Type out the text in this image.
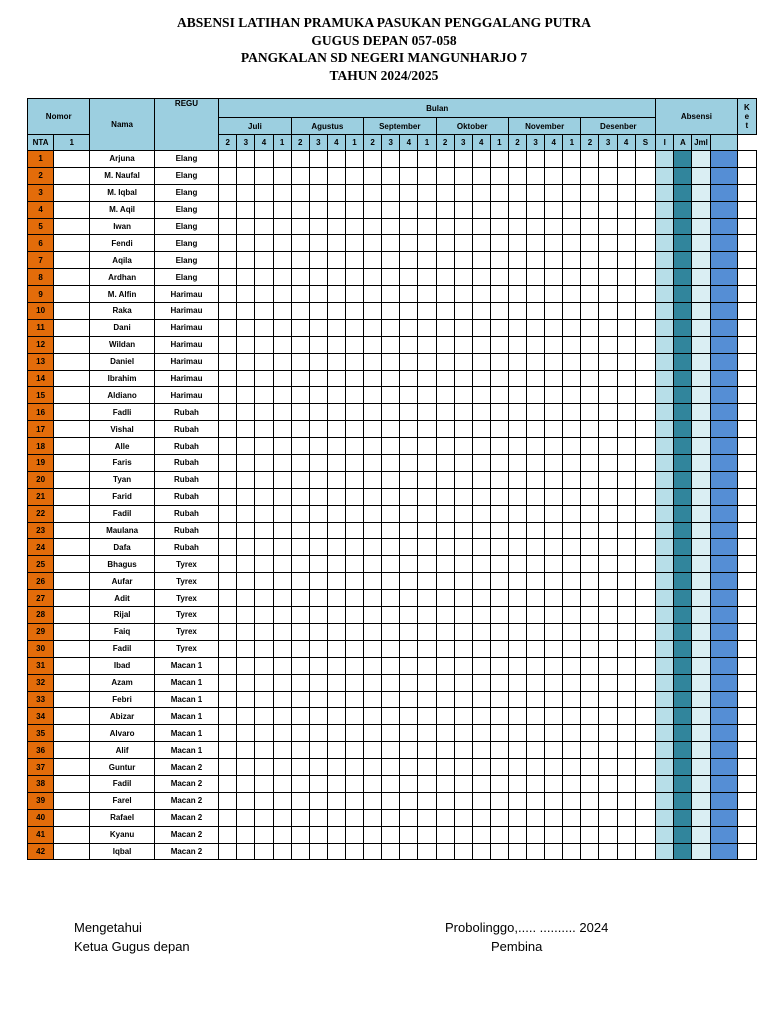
ABSENSI LATIHAN PRAMUKA PASUKAN PENGGALANG PUTRA
GUGUS DEPAN 057-058
PANGKALAN SD NEGERI MANGUNHARJO 7
TAHUN 2024/2025
Nomor		Nama	REGU	Bulan																								Absensi				K
e
t

				Juli				Agustus				September				Oktober				November				Desenber								
NTA	1			2	3	4	1	2	3	4	1	2	3	4	1	2	3	4	1	2	3	4	1	2	3	4	S	I	A	Jml		
1		Arjuna	Elang																													
2		M. Naufal	Elang																													
3		M. Iqbal	Elang																													
4		M. Aqil	Elang																													
5		Iwan	Elang																													
6		Fendi	Elang																													
7		Aqila	Elang																													
8		Ardhan	Elang																													
9		M. Alfin	Harimau																													
10		Raka	Harimau																													
11		Dani	Harimau																													
12		Wildan	Harimau																													
13		Daniel	Harimau																													
14		Ibrahim	Harimau																													
15		Aldiano	Harimau																													
16		Fadli	Rubah																													
17		Vishal	Rubah																													
18		Alle	Rubah																													
19		Faris	Rubah																													
20		Tyan	Rubah																													
21		Farid	Rubah																													
22		Fadil	Rubah																													
23		Maulana	Rubah																													
24		Dafa	Rubah																													
25		Bhagus	Tyrex																													
26		Aufar	Tyrex																													
27		Adit	Tyrex																													
28		Rijal	Tyrex																													
29		Faiq	Tyrex																													
30		Fadil	Tyrex																													
31		Ibad	Macan 1																													
32		Azam	Macan 1																													
33		Febri	Macan 1																													
34		Abizar	Macan 1																													
35		Alvaro	Macan 1																													
36		Alif	Macan 1																													
37		Guntur	Macan 2																													
38		Fadil	Macan 2																													
39		Farel	Macan 2																													
40		Rafael	Macan 2																													
41		Kyanu	Macan 2																													
42		Iqbal	Macan 2																													
Mengetahui
Ketua Gugus depan
Probolinggo,..... .......... 2024
Pembina
